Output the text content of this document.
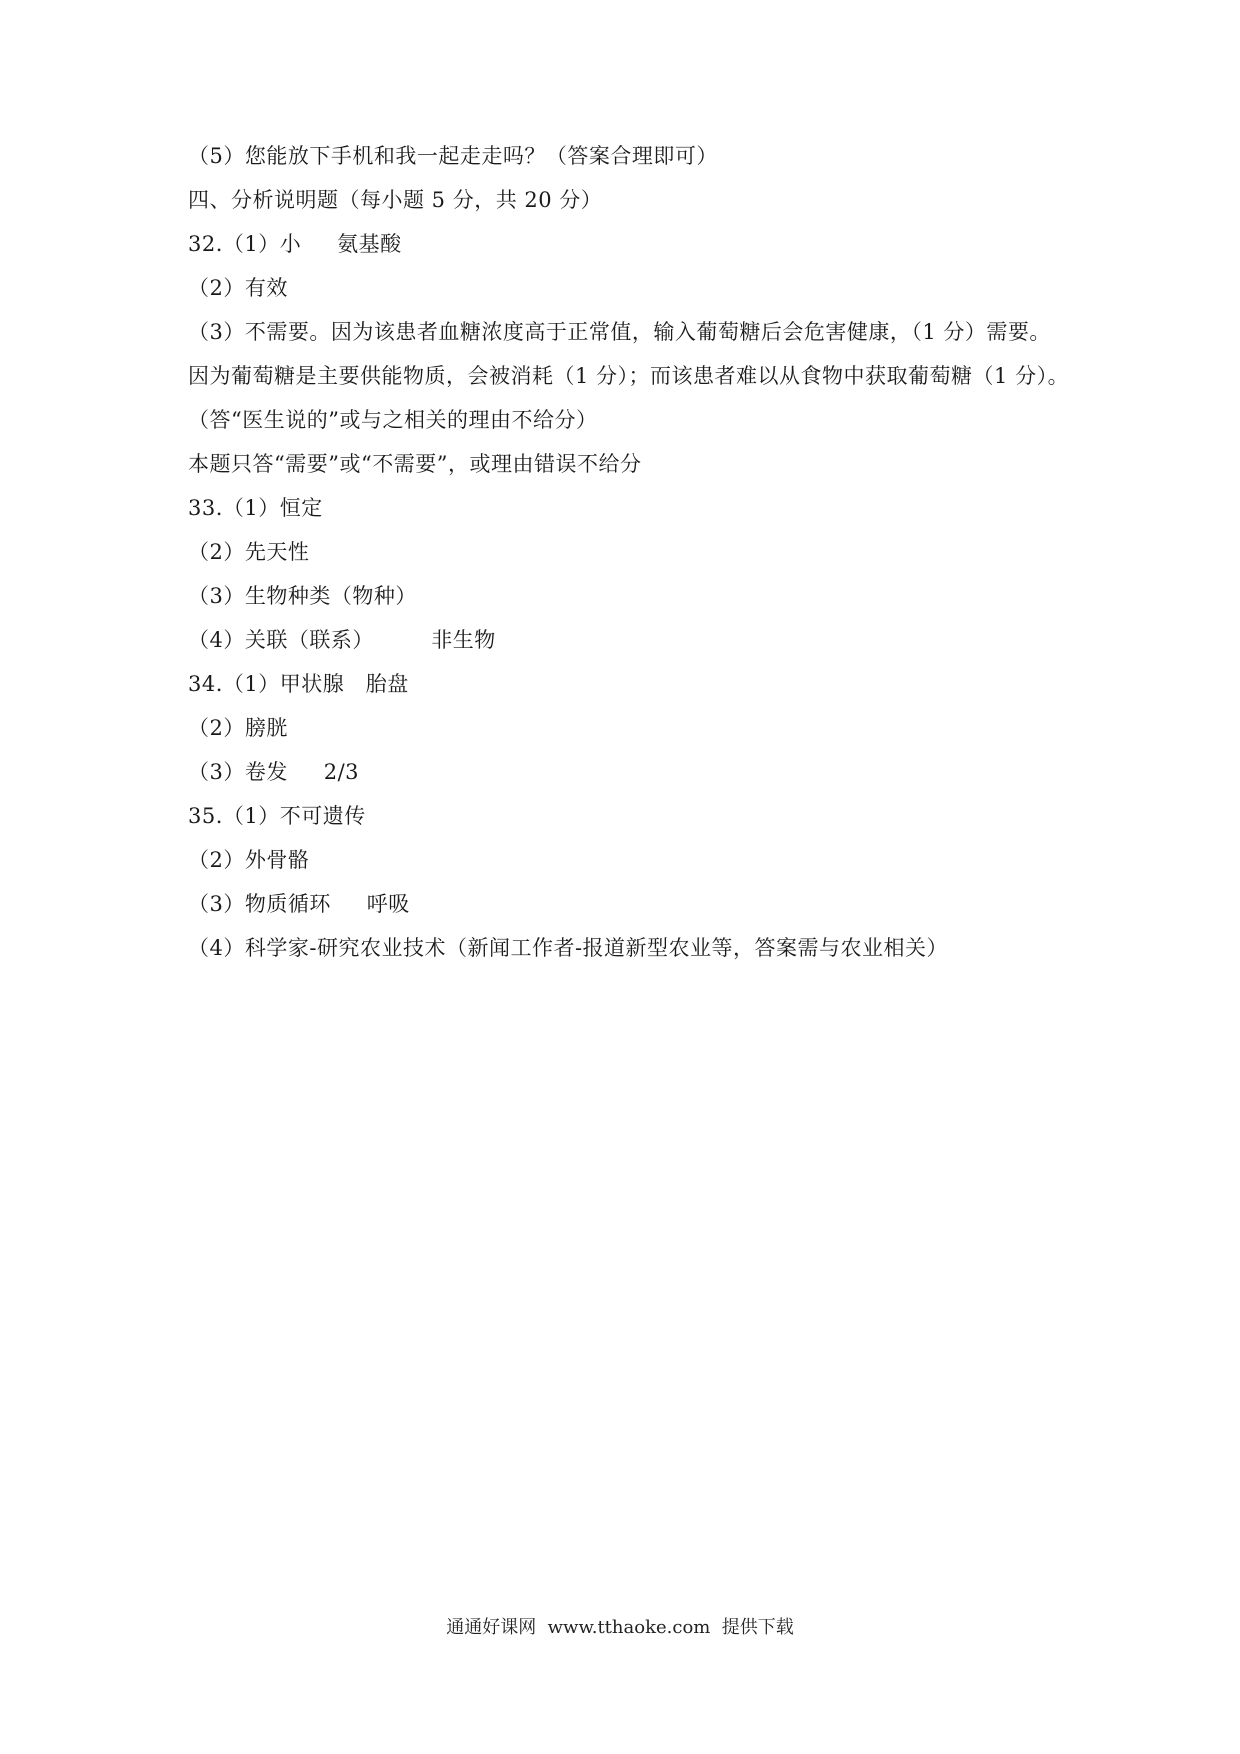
（5）您能放下手机和我一起走走吗？（答案合理即可）
四、分析说明题（每小题 5 分，共 20 分）
32.（1）小     氨基酸
（2）有效
（3）不需要。因为该患者血糖浓度高于正常值，输入葡萄糖后会危害健康，（1 分）需要。
因为葡萄糖是主要供能物质，会被消耗（1 分）；而该患者难以从食物中获取葡萄糖（1 分）。
（答“医生说的”或与之相关的理由不给分）
本题只答“需要”或“不需要”，或理由错误不给分
33.（1）恒定
（2）先天性
（3）生物种类（物种）
（4）关联（联系）        非生物
34.（1）甲状腺   胎盘
（2）膀胱
（3）卷发     2/3
35.（1）不可遗传
（2）外骨骼
（3）物质循环     呼吸
（4）科学家-研究农业技术（新闻工作者-报道新型农业等，答案需与农业相关）
通通好课网  www.tthaoke.com  提供下载
